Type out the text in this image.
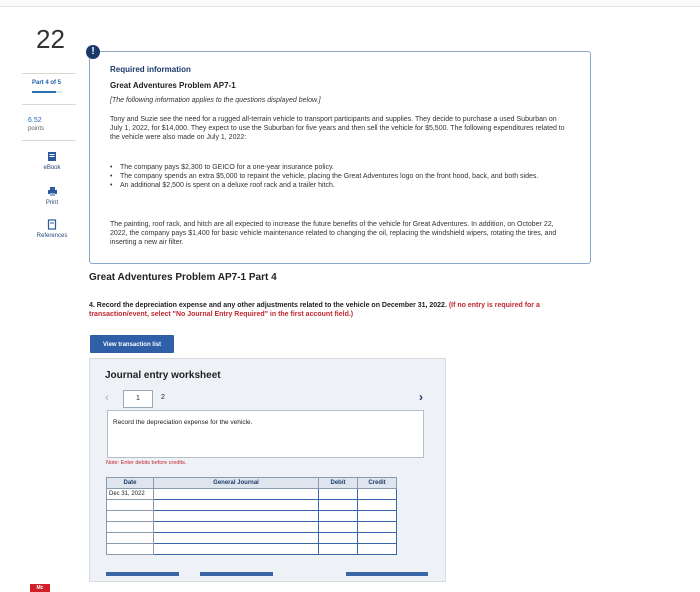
22
Part 4 of 5
6.52
points
eBook
Print
References
!
Required information
Great Adventures Problem AP7-1
[The following information applies to the questions displayed below.]
Tony and Suzie see the need for a rugged all-terrain vehicle to transport participants and supplies. They decide to purchase a used Suburban on July 1, 2022, for $14,000. They expect to use the Suburban for five years and then sell the vehicle for $5,500. The following expenditures related to the vehicle were also made on July 1, 2022:
• The company pays $2,300 to GEICO for a one-year insurance policy.
• The company spends an extra $5,000 to repaint the vehicle, placing the Great Adventures logo on the front hood, back, and both sides.
• An additional $2,500 is spent on a deluxe roof rack and a trailer hitch.
The painting, roof rack, and hitch are all expected to increase the future benefits of the vehicle for Great Adventures. In addition, on October 22, 2022, the company pays $1,400 for basic vehicle maintenance related to changing the oil, replacing the windshield wipers, rotating the tires, and inserting a new air filter.
Great Adventures Problem AP7-1 Part 4
4. Record the depreciation expense and any other adjustments related to the vehicle on December 31, 2022. (If no entry is required for a transaction/event, select "No Journal Entry Required" in the first account field.)
View transaction list
Journal entry worksheet
‹	1	2	›
Record the depreciation expense for the vehicle.
Note: Enter debits before credits.
Date	General Journal	Debit	Credit
Dec 31, 2022			

Mc
